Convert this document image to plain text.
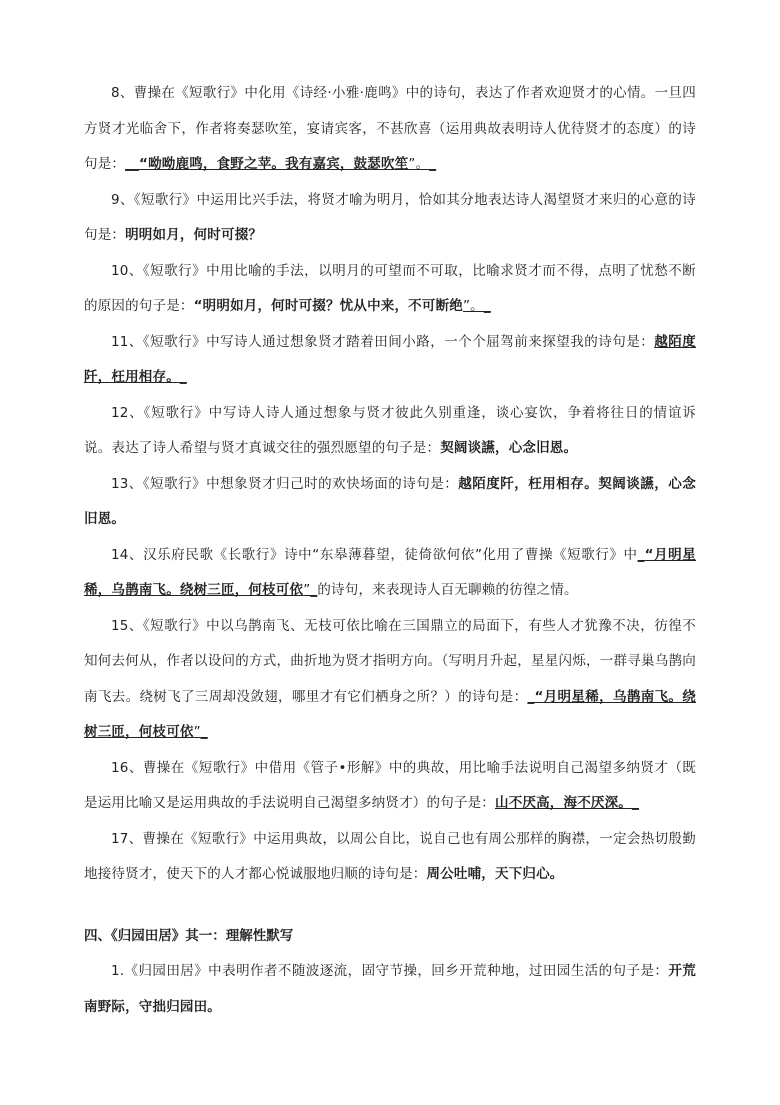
8、曹操在《短歌行》中化用《诗经·小雅·鹿鸣》中的诗句，表达了作者欢迎贤才的心情。一旦四方贤才光临舍下，作者将奏瑟吹笙，宴请宾客，不甚欣喜（运用典故表明诗人优待贤才的态度）的诗句是：__“呦呦鹿鸣，食野之苹。我有嘉宾，鼓瑟吹笙”。_

9、《短歌行》中运用比兴手法，将贤才喻为明月，恰如其分地表达诗人渴望贤才来归的心意的诗句是：明明如月，何时可掇？

10、《短歌行》中用比喻的手法，以明月的可望而不可取，比喻求贤才而不得，点明了忧愁不断的原因的句子是：“明明如月，何时可掇？忧从中来，不可断绝”。_

11、《短歌行》中写诗人通过想象贤才踏着田间小路，一个个屈驾前来探望我的诗句是：越陌度阡，枉用相存。_

12、《短歌行》中写诗人诗人通过想象与贤才彼此久别重逢，谈心宴饮，争着将往日的情谊诉说。表达了诗人希望与贤才真诚交往的强烈愿望的句子是：契阔谈讌，心念旧恩。

13、《短歌行》中想象贤才归己时的欢快场面的诗句是：越陌度阡，枉用相存。契阔谈讌，心念旧恩。

14、汉乐府民歌《长歌行》诗中“东皋薄暮望，徒倚欲何依”化用了曹操《短歌行》中_“月明星稀，乌鹊南飞。绕树三匝，何枝可依”_的诗句，来表现诗人百无聊赖的彷徨之情。

15、《短歌行》中以乌鹊南飞、无枝可依比喻在三国鼎立的局面下，有些人才犹豫不决，彷徨不知何去何从，作者以设问的方式，曲折地为贤才指明方向。（写明月升起，星星闪烁，一群寻巢乌鹊向南飞去。绕树飞了三周却没敛翅，哪里才有它们栖身之所？）的诗句是：_“月明星稀，乌鹊南飞。绕树三匝，何枝可依”_

16、曹操在《短歌行》中借用《管子•形解》中的典故，用比喻手法说明自己渴望多纳贤才（既是运用比喻又是运用典故的手法说明自己渴望多纳贤才）的句子是：山不厌高，海不厌深。_

17、曹操在《短歌行》中运用典故，以周公自比，说自己也有周公那样的胸襟，一定会热切殷勤地接待贤才，使天下的人才都心悦诚服地归顺的诗句是：周公吐哺，天下归心。

四、《归园田居》其一：理解性默写

1.《归园田居》中表明作者不随波逐流，固守节操，回乡开荒种地，过田园生活的句子是：开荒南野际，守拙归园田。
